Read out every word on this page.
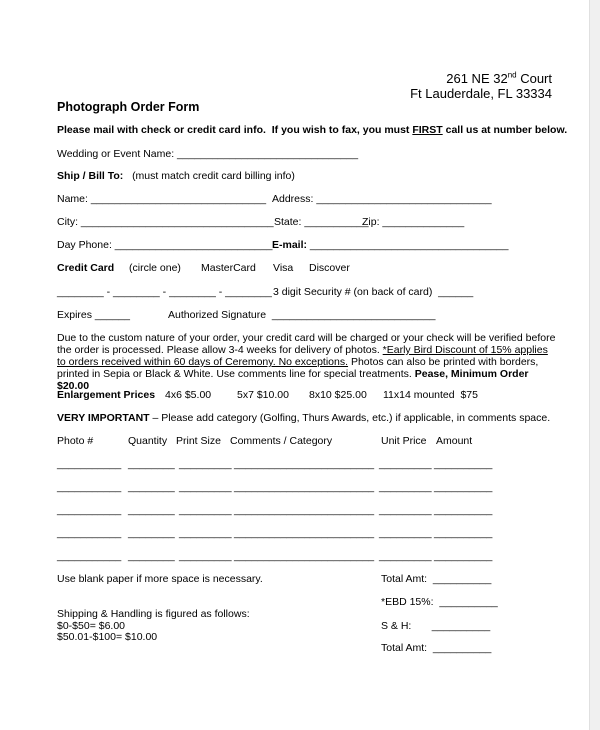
261 NE 32nd Court
Ft Lauderdale, FL 33334
Photograph Order Form
Please mail with check or credit card info.  If you wish to fax, you must FIRST call us at number below.
Wedding or Event Name: _______________________________
Ship / Bill To: (must match credit card billing info)
Name: ______________________________ Address: ______________________________
City: _________________________________ State: ___________
Zip: ______________
Day Phone: ___________________________ E-mail: __________________________________
Credit Card (circle one) MasterCard Visa Discover
________ - ________ - ________ - ________ 3 digit Security # (on back of card)  ______
Expires ______	Authorized Signature  ____________________________
Due to the custom nature of your order, your credit card will be charged or your check will be verified before the order is processed. Please allow 3-4 weeks for delivery of photos. *Early Bird Discount of 15% applies to orders received within 60 days of Ceremony. No exceptions. Photos can also be printed with borders, printed in Sepia or Black & White. Use comments line for special treatments. Pease, Minimum Order $20.00
Enlargement Prices 4x6 $5.00 5x7 $10.00 8x10 $25.00 11x14 mounted  $75
VERY IMPORTANT – Please add category (Golfing, Thurs Awards, etc.) if applicable, in comments space.
Photo #	Quantity Print Size Comments / Category	Unit Price Amount
___________ ________ _________ ________________________ _________ __________
___________ ________ _________ ________________________ _________ __________
___________ ________ _________ ________________________ _________ __________
___________ ________ _________ ________________________ _________ __________
___________ ________ _________ ________________________ _________ __________
Use blank paper if more space is necessary.
Shipping & Handling is figured as follows:
$0-$50= $6.00
$50.01-$100= $10.00
Total Amt:  __________
*EBD 15%:  __________
S & H:       __________
Total Amt:  __________
